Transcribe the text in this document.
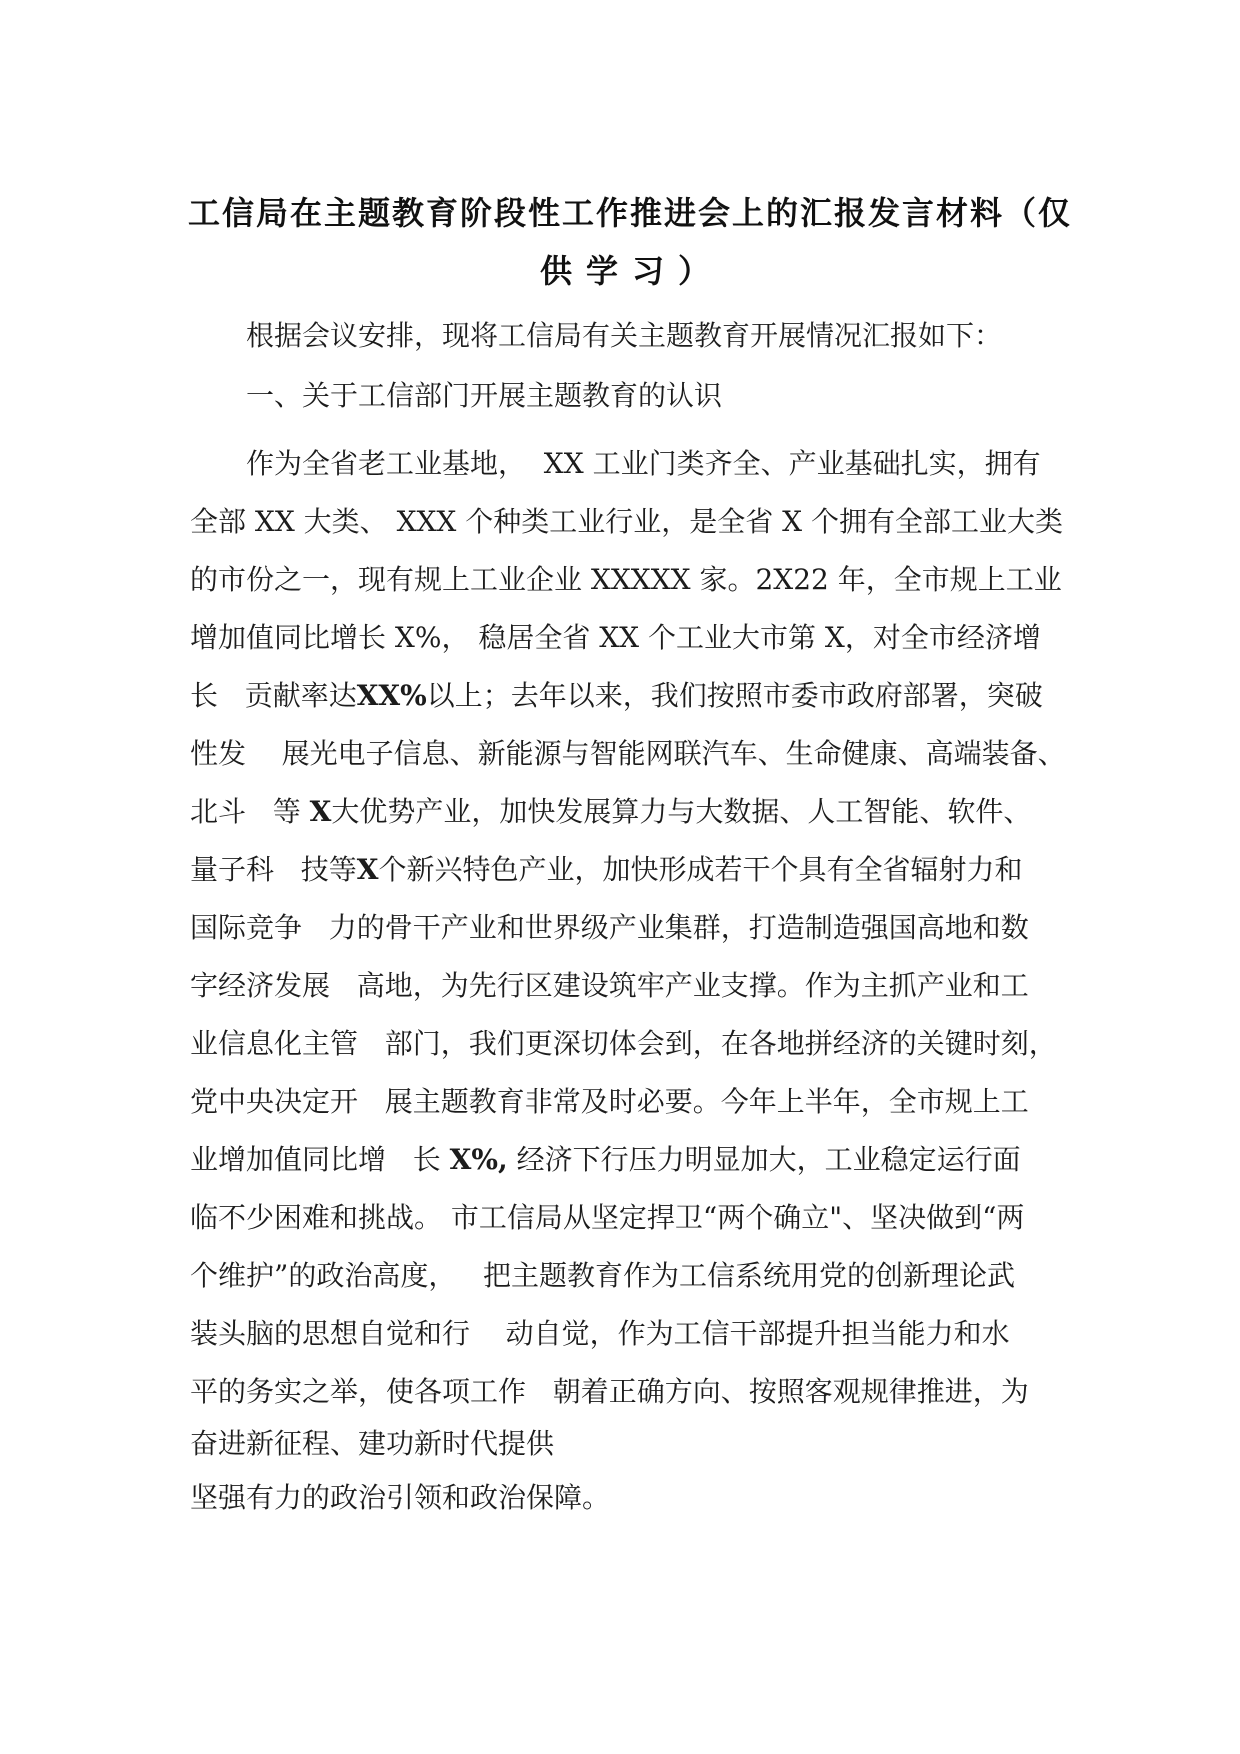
工信局在主题教育阶段性工作推进会上的汇报发言材料（仅
供学习）
根据会议安排，现将工信局有关主题教育开展情况汇报如下：
一、关于工信部门开展主题教育的认识
作为全省老工业基地，  XX 工业门类齐全、产业基础扎实，拥有
全部 XX 大类、 XXX 个种类工业行业，是全省 X 个拥有全部工业大类
的市份之一，现有规上工业企业 XXXXX 家。2X22 年，全市规上工业
增加值同比增长 X%， 稳居全省 XX 个工业大市第 X，对全市经济增
长   贡献率达XX%以上；去年以来，我们按照市委市政府部署，突破
性发    展光电子信息、新能源与智能网联汽车、生命健康、高端装备、
北斗   等 X大优势产业，加快发展算力与大数据、人工智能、软件、
量子科   技等X个新兴特色产业，加快形成若干个具有全省辐射力和
国际竞争   力的骨干产业和世界级产业集群，打造制造强国高地和数
字经济发展   高地，为先行区建设筑牢产业支撑。作为主抓产业和工
业信息化主管   部门，我们更深切体会到，在各地拼经济的关键时刻，
党中央决定开   展主题教育非常及时必要。今年上半年，全市规上工
业增加值同比增   长 X%, 经济下行压力明显加大，工业稳定运行面
临不少困难和挑战。 市工信局从坚定捍卫“两个确立"、坚决做到“两
个维护”的政治高度，   把主题教育作为工信系统用党的创新理论武
装头脑的思想自觉和行    动自觉，作为工信干部提升担当能力和水
平的务实之举，使各项工作   朝着正确方向、按照客观规律推进，为
奋进新征程、建功新时代提供
坚强有力的政治引领和政治保障。
